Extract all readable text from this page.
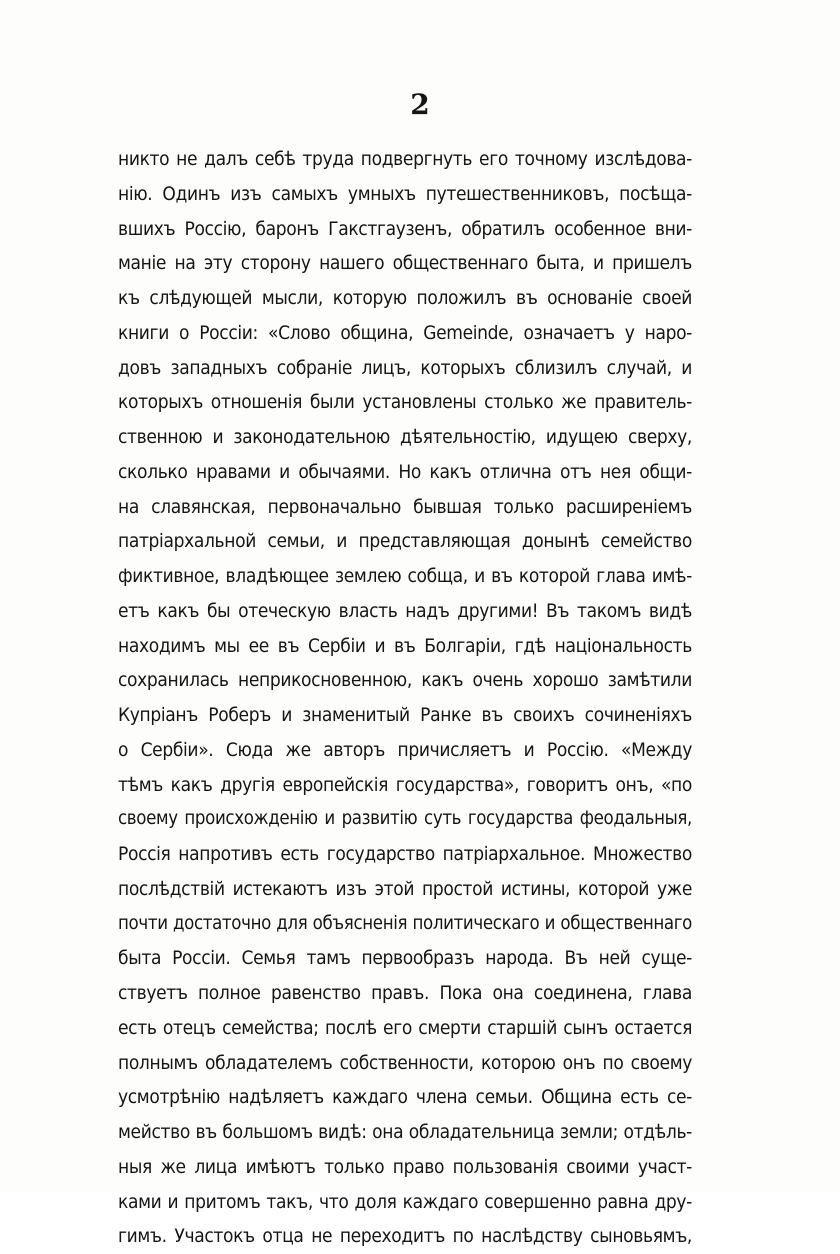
2
никто не далъ себѣ труда подвергнуть его точному изслѣдова-
нію. Одинъ изъ самыхъ умныхъ путешественниковъ, посѣща-
вшихъ Россію, баронъ Гакстгаузенъ, обратилъ особенное вни-
маніе на эту сторону нашего общественнаго быта, и пришелъ
къ слѣдующей мысли, которую положилъ въ основаніе своей
книги о Россіи: «Слово община, Gemeinde, означаетъ у наро-
довъ западныхъ собраніе лицъ, которыхъ сблизилъ случай, и
которыхъ отношенія были установлены столько же правитель-
ственною и законодательною дѣятельностію, идущею сверху,
сколько нравами и обычаями. Но какъ отлична отъ нея общи-
на славянская, первоначально бывшая только расширеніемъ
патріархальной семьи, и представляющая донынѣ семейство
фиктивное, владѣющее землею собща, и въ которой глава имѣ-
етъ какъ бы отеческую власть надъ другими! Въ такомъ видѣ
находимъ мы ее въ Сербіи и въ Болгаріи, гдѣ національность
сохранилась неприкосновенною, какъ очень хорошо замѣтили
Купріанъ Роберъ и знаменитый Ранке въ своихъ сочиненіяхъ
о Сербіи». Сюда же авторъ причисляетъ и Россію. «Между
тѣмъ какъ другія европейскія государства», говоритъ онъ, «по
своему происхожденію и развитію суть государства феодальныя,
Россія напротивъ есть государство патріархальное. Множество
послѣдствій истекаютъ изъ этой простой истины, которой уже
почти достаточно для объясненія политическаго и общественнаго
быта Россіи. Семья тамъ первообразъ народа. Въ ней суще-
ствуетъ полное равенство правъ. Пока она соединена, глава
есть отецъ семейства; послѣ его смерти старшій сынъ остается
полнымъ обладателемъ собственности, которою онъ по своему
усмотрѣнію надѣляетъ каждаго члена семьи. Община есть се-
мейство въ большомъ видѣ: она обладательница земли; отдѣль-
ныя же лица имѣютъ только право пользованія своими участ-
ками и притомъ такъ, что доля каждаго совершенно равна дру-
гимъ. Участокъ отца не переходитъ по наслѣдству сыновьямъ,
